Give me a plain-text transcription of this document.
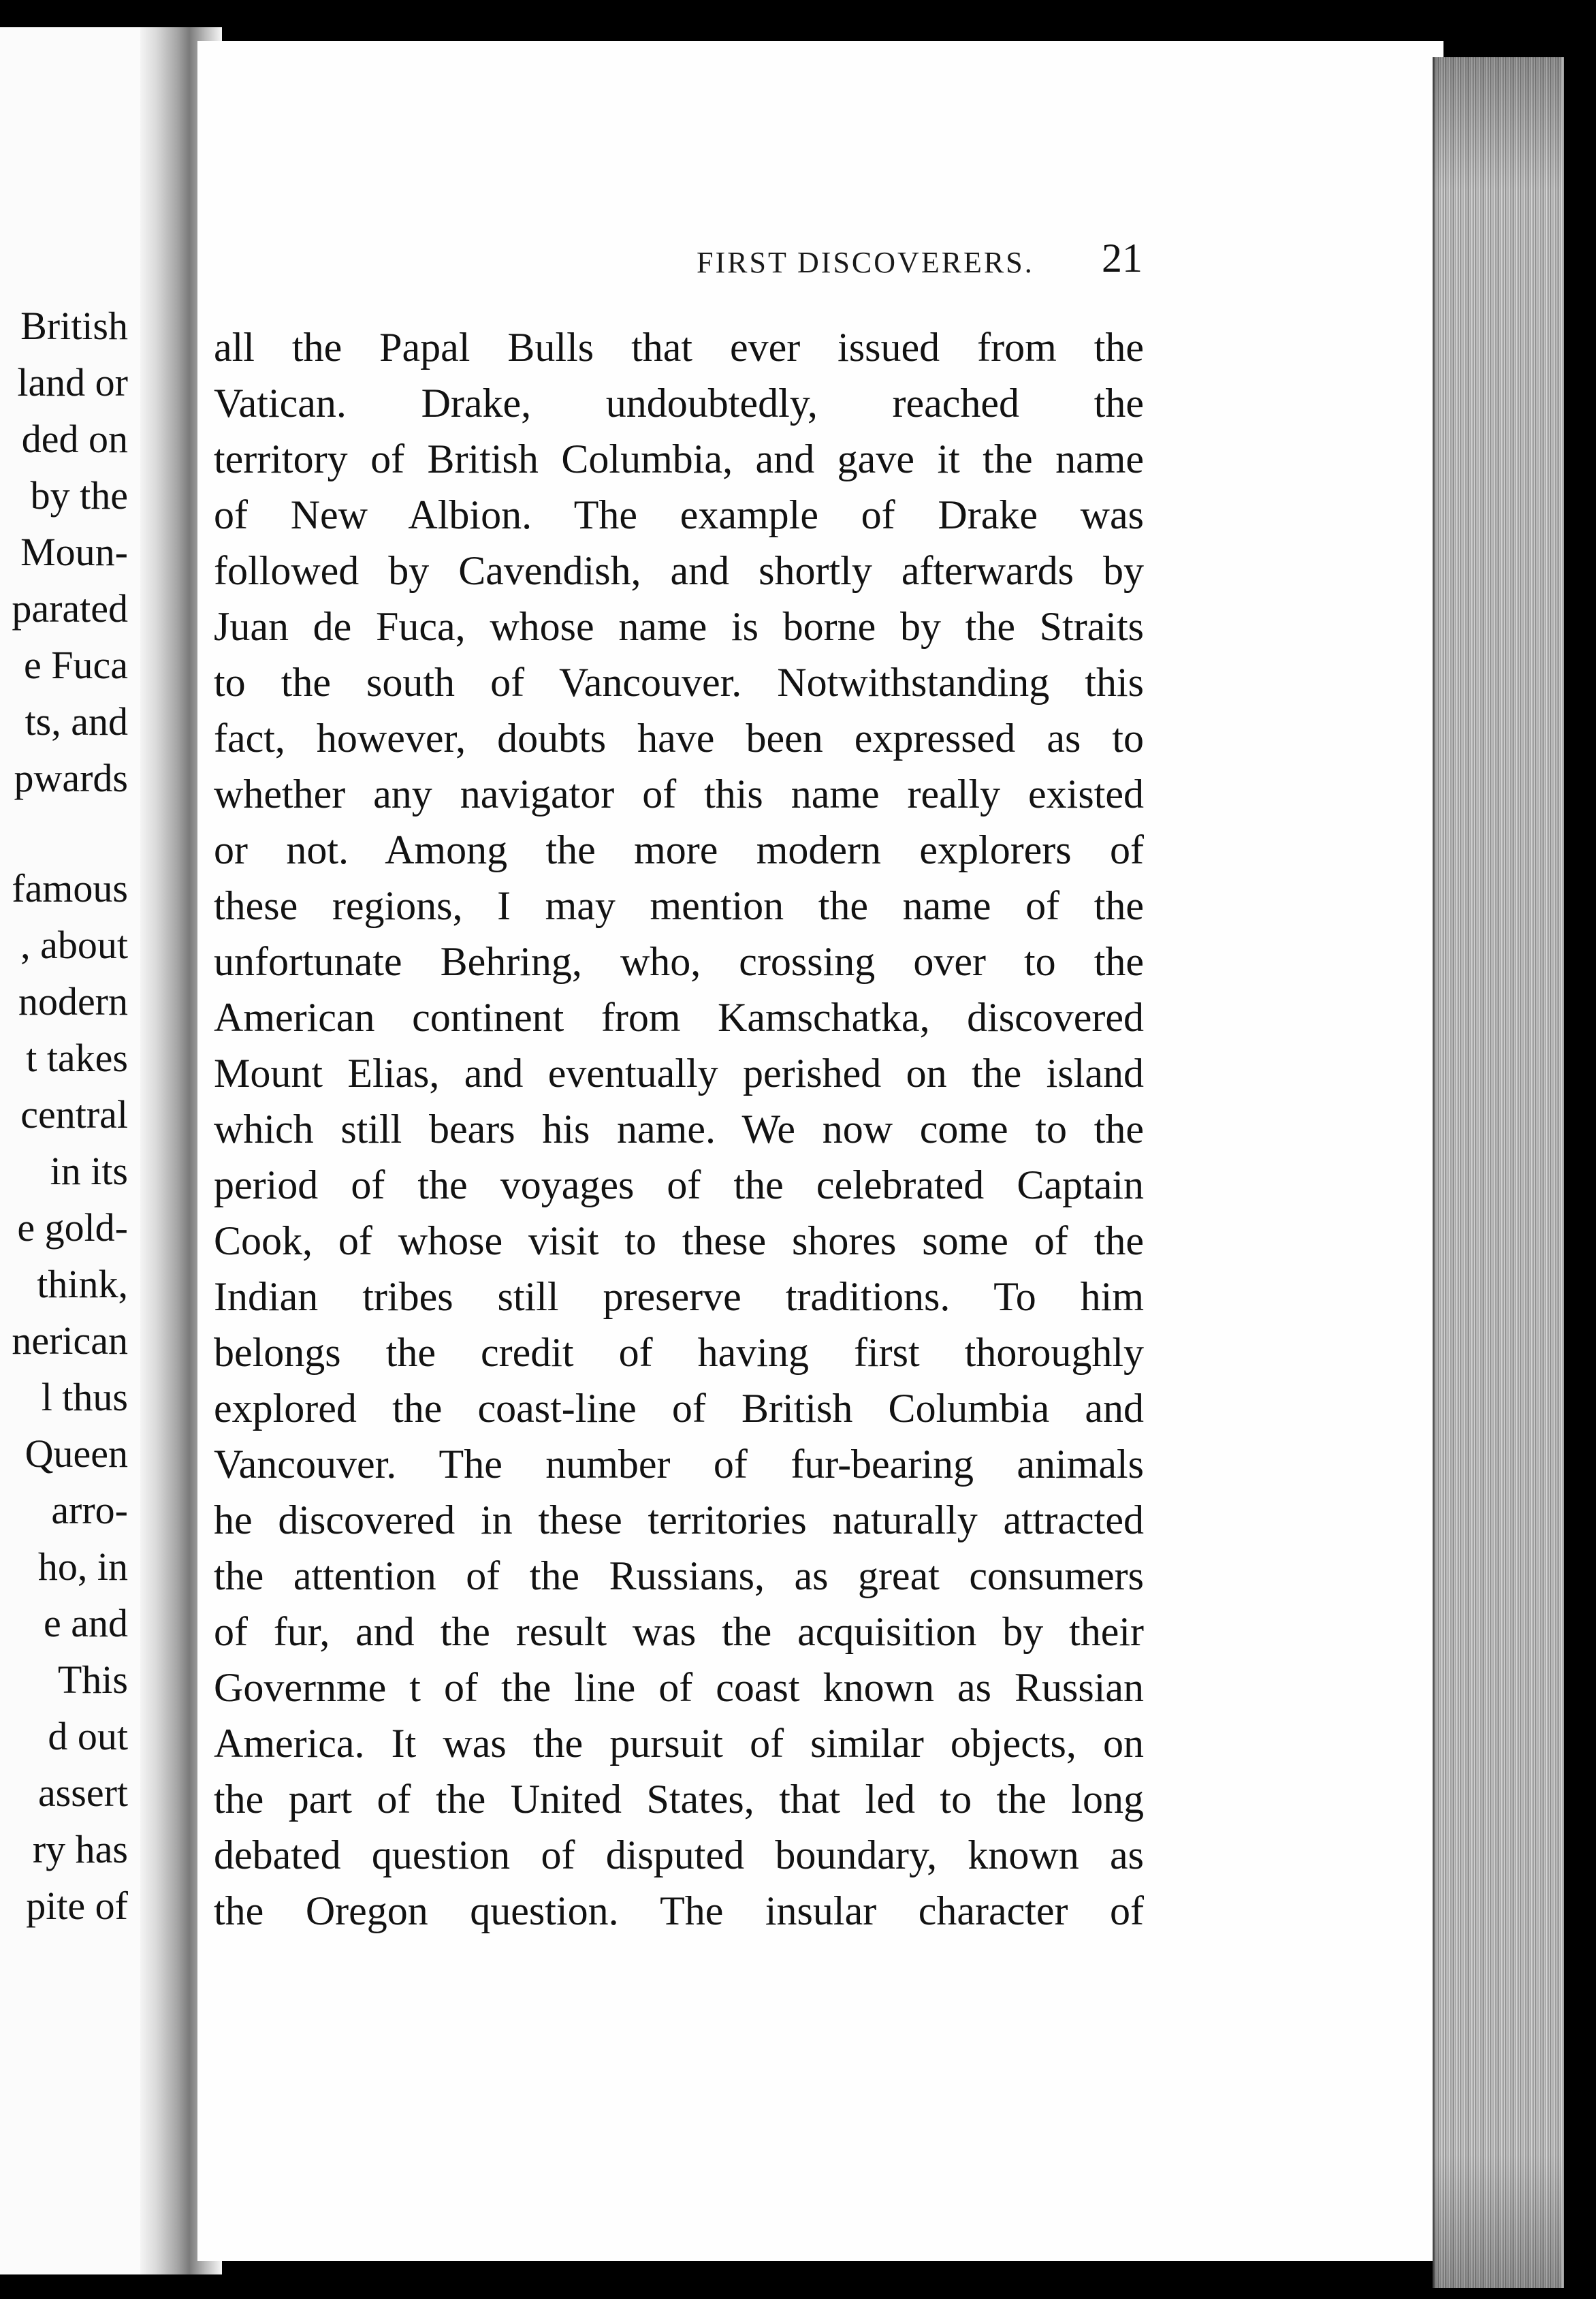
British
land or
ded on
by the
Moun-
parated
e Fuca
ts, and
pwards
famous
, about
nodern
t takes
central
in its
e gold-
think,
nerican
l thus
Queen
arro-
ho, in
e and
This
d out
assert
ry has
pite of
FIRST DISCOVERERS. 21
all the Papal Bulls that ever issued from the
Vatican. Drake, undoubtedly, reached the
territory of British Columbia, and gave it the name
of New Albion. The example of Drake was
followed by Cavendish, and shortly afterwards by
Juan de Fuca, whose name is borne by the Straits
to the south of Vancouver. Notwithstanding this
fact, however, doubts have been expressed as to
whether any navigator of this name really existed
or not. Among the more modern explorers of
these regions, I may mention the name of the
unfortunate Behring, who, crossing over to the
American continent from Kamschatka, discovered
Mount Elias, and eventually perished on the island
which still bears his name. We now come to the
period of the voyages of the celebrated Captain
Cook, of whose visit to these shores some of the
Indian tribes still preserve traditions. To him
belongs the credit of having first thoroughly
explored the coast-line of British Columbia and
Vancouver. The number of fur-bearing animals
he discovered in these territories naturally attracted
the attention of the Russians, as great consumers
of fur, and the result was the acquisition by their
Governme t of the line of coast known as Russian
America. It was the pursuit of similar objects, on
the part of the United States, that led to the long
debated question of disputed boundary, known as
the Oregon question. The insular character of
